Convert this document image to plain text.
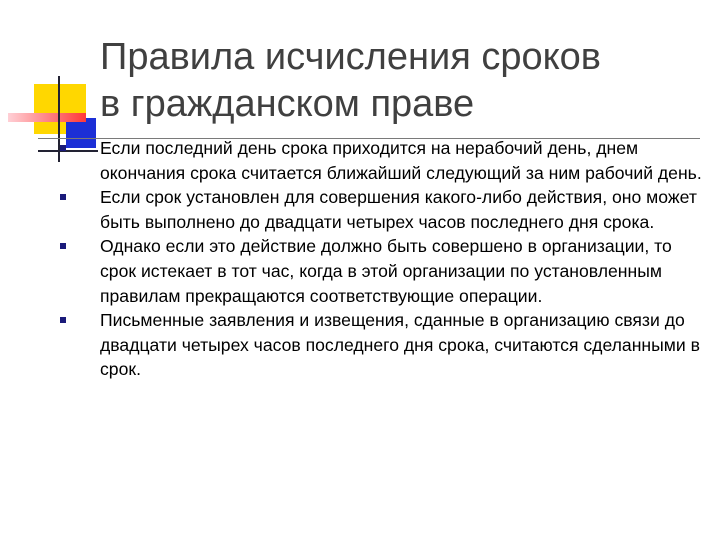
Правила исчисления сроков
в гражданском праве
Если последний день срока приходится на нерабочий день, днем окончания срока считается ближайший следующий за ним рабочий день.
Если срок установлен для совершения какого-либо действия, оно может быть выполнено до двадцати четырех часов последнего дня срока.
Однако если это действие должно быть совершено в организации, то срок истекает в тот час, когда в этой организации по установленным правилам прекращаются соответствующие операции.
Письменные заявления и извещения, сданные в организацию связи до двадцати четырех часов последнего дня срока, считаются сделанными в срок.
